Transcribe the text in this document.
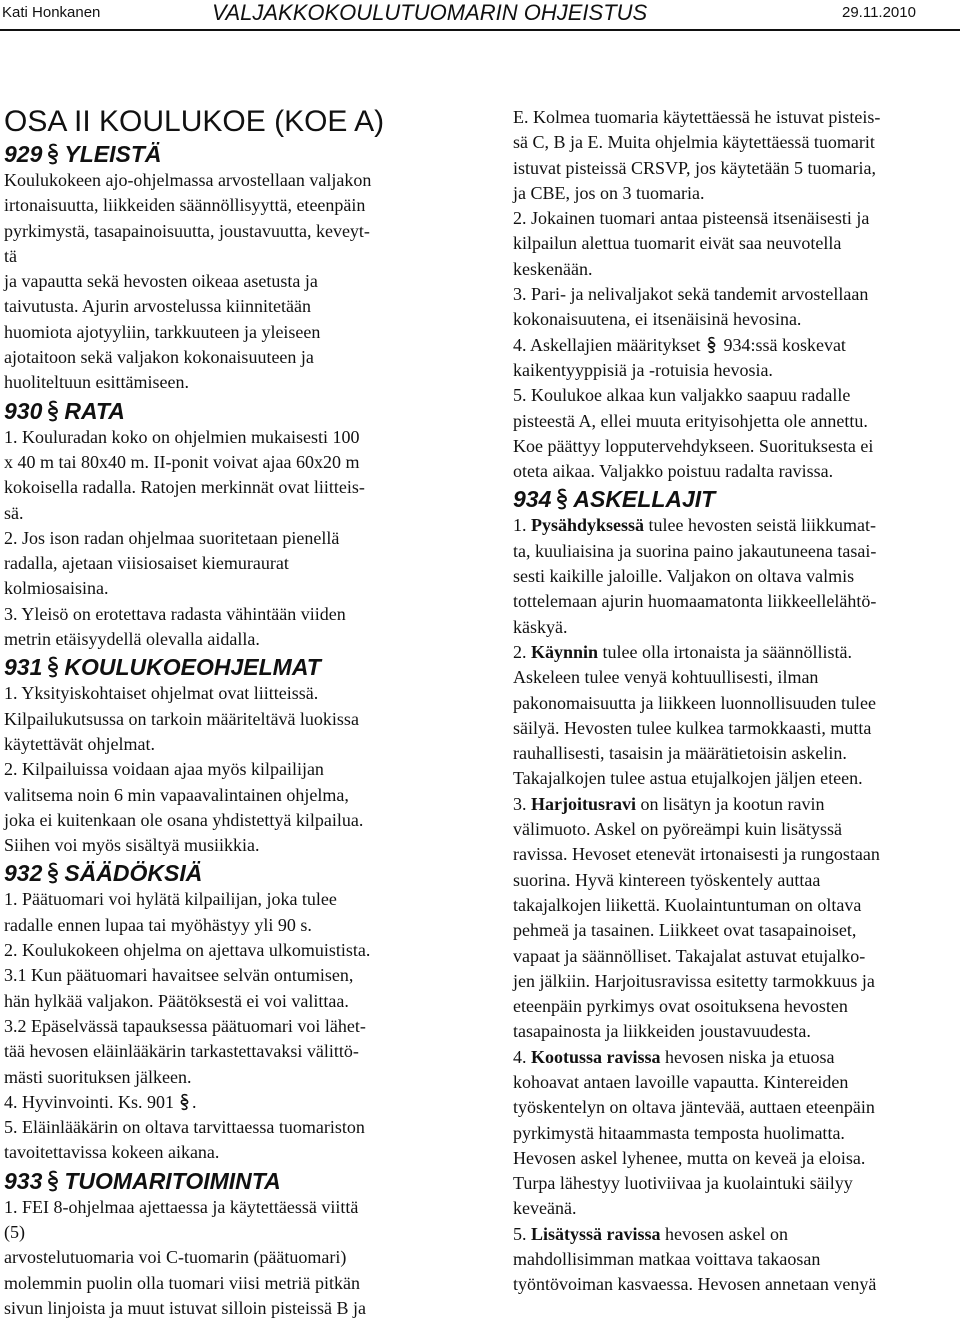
Kati Honkanen	VALJAKKOKOULUTUOMARIN OHJEISTUS	29.11.2010

OSA II KOULUKOE (KOE A)

929 YLEISTÄ

Koulukokeen ajo-ohjelmassa arvostellaan valjakon

irtonaisuutta, liikkeiden säännöllisyyttä, eteenpäin

pyrkimystä, tasapainoisuutta, joustavuutta, keveyt-

tä

ja vapautta sekä hevosten oikeaa asetusta ja

taivutusta. Ajurin arvostelussa kiinnitetään

huomiota ajotyyliin, tarkkuuteen ja yleiseen

ajotaitoon sekä valjakon kokonaisuuteen ja

huoliteltuun esittämiseen.

930 RATA

1. Kouluradan koko on ohjelmien mukaisesti 100

x 40 m tai 80x40 m. II-ponit voivat ajaa 60x20 m

kokoisella radalla. Ratojen merkinnät ovat liitteis-

sä.

2. Jos ison radan ohjelmaa suoritetaan pienellä

radalla, ajetaan viisiosaiset kiemuraurat

kolmiosaisina.

3. Yleisö on erotettava radasta vähintään viiden

metrin etäisyydellä olevalla aidalla.

931 KOULUKOEOHJELMAT

1. Yksityiskohtaiset ohjelmat ovat liitteissä.

Kilpailukutsussa on tarkoin määriteltävä luokissa

käytettävät ohjelmat.

2. Kilpailuissa voidaan ajaa myös kilpailijan

valitsema noin 6 min vapaavalintainen ohjelma,

joka ei kuitenkaan ole osana yhdistettyä kilpailua.

Siihen voi myös sisältyä musiikkia.

932 SÄÄDÖKSIÄ

1. Päätuomari voi hylätä kilpailijan, joka tulee

radalle ennen lupaa tai myöhästyy yli 90 s.

2. Koulukokeen ohjelma on ajettava ulkomuistista.

3.1 Kun päätuomari havaitsee selvän ontumisen,

hän hylkää valjakon. Päätöksestä ei voi valittaa.

3.2 Epäselvässä tapauksessa päätuomari voi lähet-

tää hevosen eläinlääkärin tarkastettavaksi välittö-

mästi suorituksen jälkeen.

4. Hyvinvointi. Ks. 901 .

5. Eläinlääkärin on oltava tarvittaessa tuomariston

tavoitettavissa kokeen aikana.

933 TUOMARITOIMINTA

1. FEI 8-ohjelmaa ajettaessa ja käytettäessä viittä

(5)

arvostelutuomaria voi C-tuomarin (päätuomari)

molemmin puolin olla tuomari viisi metriä pitkän

sivun linjoista ja muut istuvat silloin pisteissä B ja

E. Kolmea tuomaria käytettäessä he istuvat pisteis-

sä C, B ja E. Muita ohjelmia käytettäessä tuomarit

istuvat pisteissä CRSVP, jos käytetään 5 tuomaria,

ja CBE, jos on 3 tuomaria.

2. Jokainen tuomari antaa pisteensä itsenäisesti ja

kilpailun alettua tuomarit eivät saa neuvotella

keskenään.

3. Pari- ja nelivaljakot sekä tandemit arvostellaan

kokonaisuutena, ei itsenäisinä hevosina.

4. Askellajien määritykset 934:ssä koskevat

kaikentyyppisiä ja -rotuisia hevosia.

5. Koulukoe alkaa kun valjakko saapuu radalle

pisteestä A, ellei muuta erityisohjetta ole annettu.

Koe päättyy lopputervehdykseen. Suorituksesta ei

oteta aikaa. Valjakko poistuu radalta ravissa.

934 ASKELLAJIT

1. Pysähdyksessä tulee hevosten seistä liikkumat-

ta, kuuliaisina ja suorina paino jakautuneena tasai-

sesti kaikille jaloille. Valjakon on oltava valmis

tottelemaan ajurin huomaamatonta liikkeellelähtö-

käskyä.

2. Käynnin tulee olla irtonaista ja säännöllistä.

Askeleen tulee venyä kohtuullisesti, ilman

pakonomaisuutta ja liikkeen luonnollisuuden tulee

säilyä. Hevosten tulee kulkea tarmokkaasti, mutta

rauhallisesti, tasaisin ja määrätietoisin askelin.

Takajalkojen tulee astua etujalkojen jäljen eteen.

3. Harjoitusravi on lisätyn ja kootun ravin

välimuoto. Askel on pyöreämpi kuin lisätyssä

ravissa. Hevoset etenevät irtonaisesti ja rungostaan

suorina. Hyvä kintereen työskentely auttaa

takajalkojen liikettä. Kuolaintuntuman on oltava

pehmeä ja tasainen. Liikkeet ovat tasapainoiset,

vapaat ja säännölliset. Takajalat astuvat etujalko-

jen jälkiin. Harjoitusravissa esitetty tarmokkuus ja

eteenpäin pyrkimys ovat osoituksena hevosten

tasapainosta ja liikkeiden joustavuudesta.

4. Kootussa ravissa hevosen niska ja etuosa

kohoavat antaen lavoille vapautta. Kintereiden

työskentelyn on oltava jäntevää, auttaen eteenpäin

pyrkimystä hitaammasta temposta huolimatta.

Hevosen askel lyhenee, mutta on keveä ja eloisa.

Turpa lähestyy luotiviivaa ja kuolaintuki säilyy

keveänä.

5. Lisätyssä ravissa hevosen askel on

mahdollisimman matkaa voittava takaosan

työntövoiman kasvaessa. Hevosen annetaan venyä
